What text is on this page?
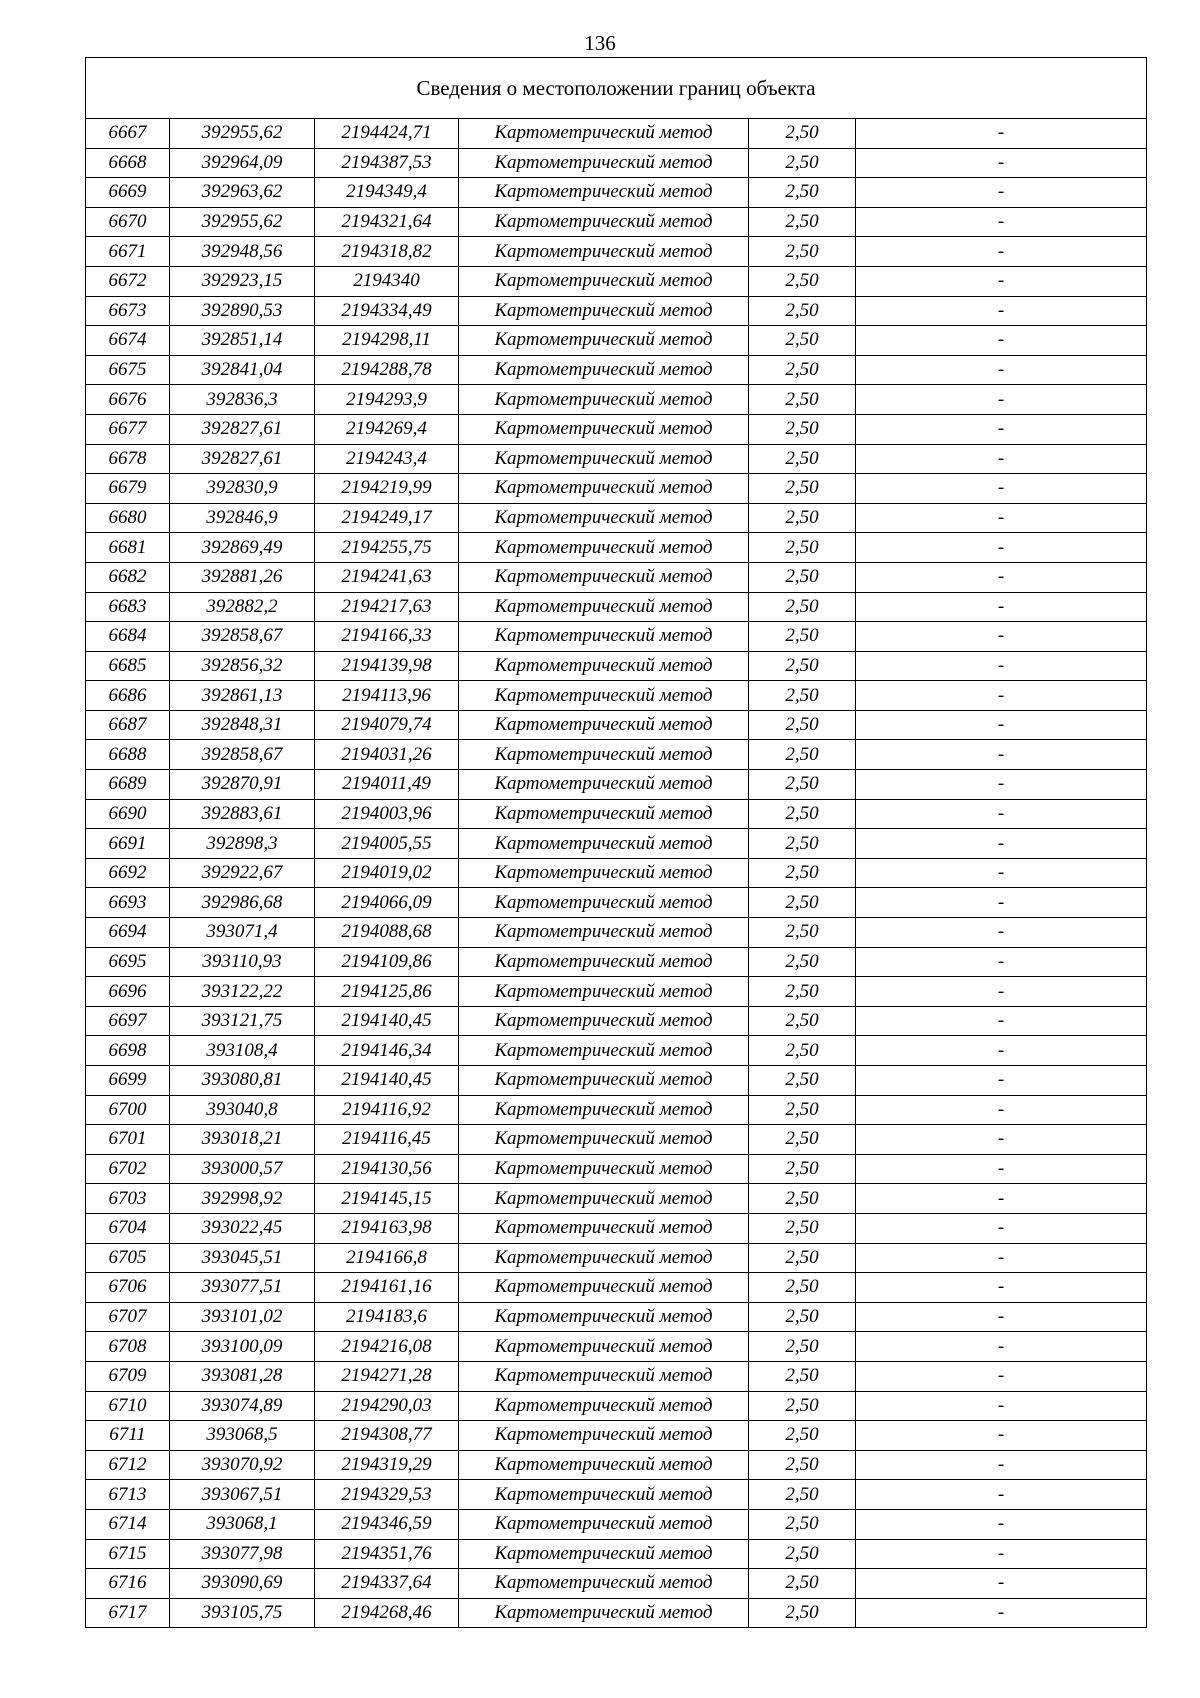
136
Сведения о местоположении границ объекта					
6667	392955,62	2194424,71	Картометрический метод	2,50	-
6668	392964,09	2194387,53	Картометрический метод	2,50	-
6669	392963,62	2194349,4	Картометрический метод	2,50	-
6670	392955,62	2194321,64	Картометрический метод	2,50	-
6671	392948,56	2194318,82	Картометрический метод	2,50	-
6672	392923,15	2194340	Картометрический метод	2,50	-
6673	392890,53	2194334,49	Картометрический метод	2,50	-
6674	392851,14	2194298,11	Картометрический метод	2,50	-
6675	392841,04	2194288,78	Картометрический метод	2,50	-
6676	392836,3	2194293,9	Картометрический метод	2,50	-
6677	392827,61	2194269,4	Картометрический метод	2,50	-
6678	392827,61	2194243,4	Картометрический метод	2,50	-
6679	392830,9	2194219,99	Картометрический метод	2,50	-
6680	392846,9	2194249,17	Картометрический метод	2,50	-
6681	392869,49	2194255,75	Картометрический метод	2,50	-
6682	392881,26	2194241,63	Картометрический метод	2,50	-
6683	392882,2	2194217,63	Картометрический метод	2,50	-
6684	392858,67	2194166,33	Картометрический метод	2,50	-
6685	392856,32	2194139,98	Картометрический метод	2,50	-
6686	392861,13	2194113,96	Картометрический метод	2,50	-
6687	392848,31	2194079,74	Картометрический метод	2,50	-
6688	392858,67	2194031,26	Картометрический метод	2,50	-
6689	392870,91	2194011,49	Картометрический метод	2,50	-
6690	392883,61	2194003,96	Картометрический метод	2,50	-
6691	392898,3	2194005,55	Картометрический метод	2,50	-
6692	392922,67	2194019,02	Картометрический метод	2,50	-
6693	392986,68	2194066,09	Картометрический метод	2,50	-
6694	393071,4	2194088,68	Картометрический метод	2,50	-
6695	393110,93	2194109,86	Картометрический метод	2,50	-
6696	393122,22	2194125,86	Картометрический метод	2,50	-
6697	393121,75	2194140,45	Картометрический метод	2,50	-
6698	393108,4	2194146,34	Картометрический метод	2,50	-
6699	393080,81	2194140,45	Картометрический метод	2,50	-
6700	393040,8	2194116,92	Картометрический метод	2,50	-
6701	393018,21	2194116,45	Картометрический метод	2,50	-
6702	393000,57	2194130,56	Картометрический метод	2,50	-
6703	392998,92	2194145,15	Картометрический метод	2,50	-
6704	393022,45	2194163,98	Картометрический метод	2,50	-
6705	393045,51	2194166,8	Картометрический метод	2,50	-
6706	393077,51	2194161,16	Картометрический метод	2,50	-
6707	393101,02	2194183,6	Картометрический метод	2,50	-
6708	393100,09	2194216,08	Картометрический метод	2,50	-
6709	393081,28	2194271,28	Картометрический метод	2,50	-
6710	393074,89	2194290,03	Картометрический метод	2,50	-
6711	393068,5	2194308,77	Картометрический метод	2,50	-
6712	393070,92	2194319,29	Картометрический метод	2,50	-
6713	393067,51	2194329,53	Картометрический метод	2,50	-
6714	393068,1	2194346,59	Картометрический метод	2,50	-
6715	393077,98	2194351,76	Картометрический метод	2,50	-
6716	393090,69	2194337,64	Картометрический метод	2,50	-
6717	393105,75	2194268,46	Картометрический метод	2,50	-
